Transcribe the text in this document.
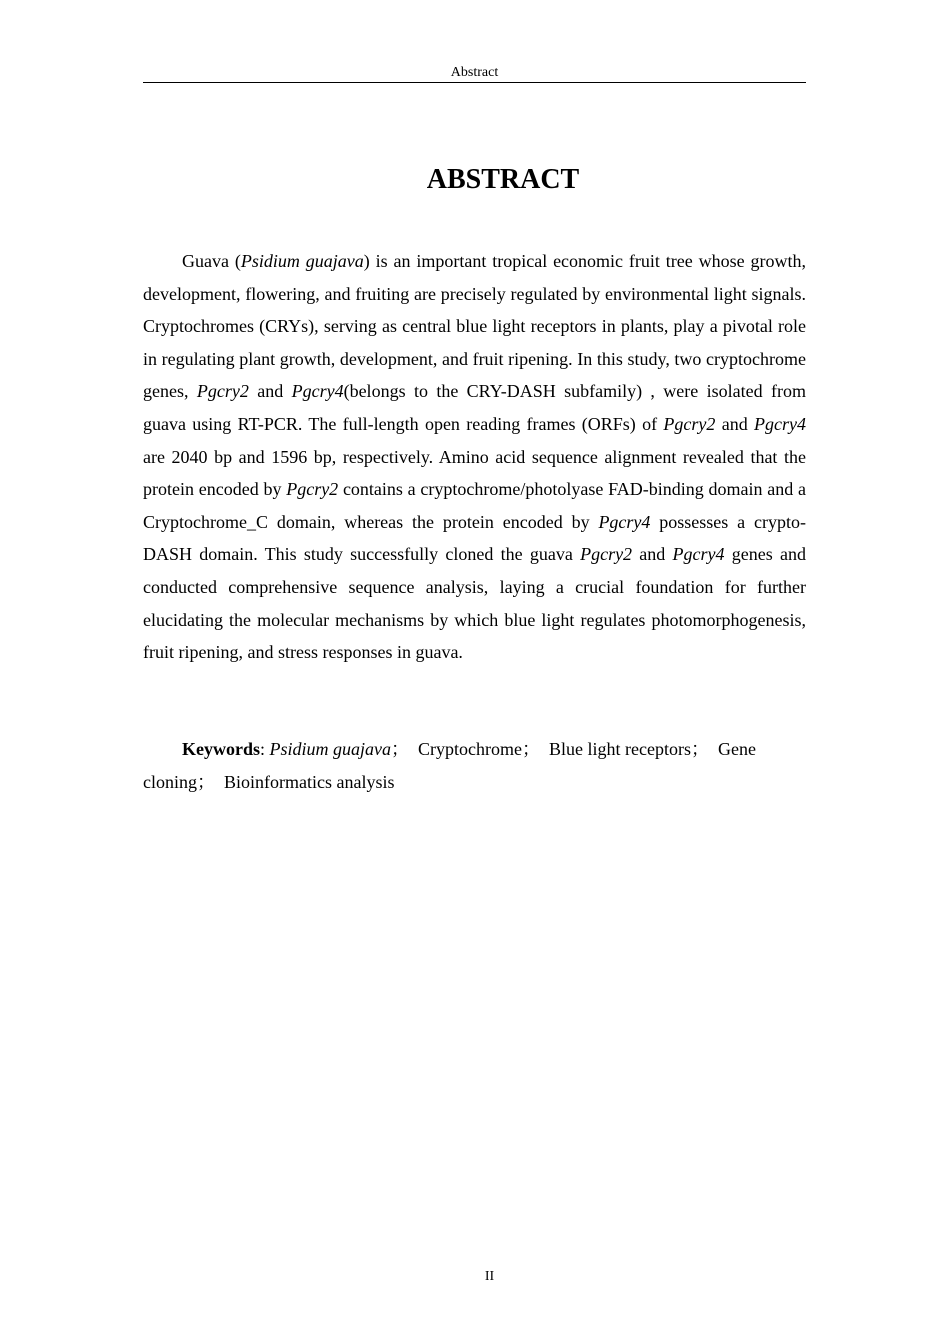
Abstract
ABSTRACT

Guava (Psidium guajava) is an important tropical economic fruit tree whose growth, development, flowering, and fruiting are precisely regulated by environmental light signals. Cryptochromes (CRYs), serving as central blue light receptors in plants, play a pivotal role in regulating plant growth, development, and fruit ripening. In this study, two cryptochrome genes, Pgcry2 and Pgcry4(belongs to the CRY-DASH subfamily) , were isolated from guava using RT-PCR. The full-length open reading frames (ORFs) of Pgcry2 and Pgcry4 are 2040 bp and 1596 bp, respectively. Amino acid sequence alignment revealed that the protein encoded by Pgcry2 contains a cryptochrome/photolyase FAD-binding domain and a Cryptochrome_C domain, whereas the protein encoded by Pgcry4 possesses a crypto-DASH domain. This study successfully cloned the guava Pgcry2 and Pgcry4 genes and conducted comprehensive sequence analysis, laying a crucial foundation for further elucidating the molecular mechanisms by which blue light regulates photomorphogenesis, fruit ripening, and stress responses in guava.

Keywords: Psidium guajava；  Cryptochrome；  Blue light receptors；  Gene cloning；  Bioinformatics analysis

II
